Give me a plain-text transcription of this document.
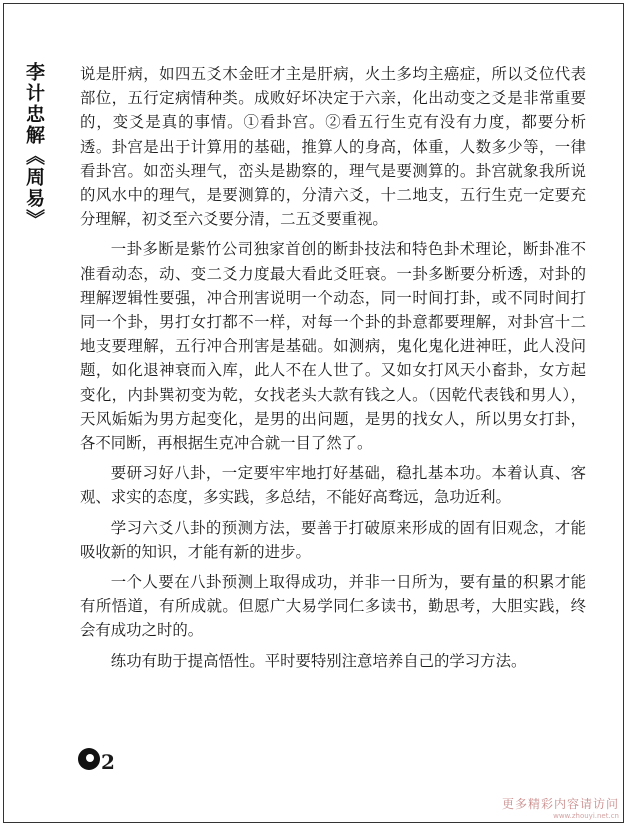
李计忠解《周易》 说是肝病，如四五爻木金旺才主是肝病，火土多均主癌症，所以爻位代表部位，五行定病情种类。成败好坏决定于六亲，化出动变之爻是非常重要的，变爻是真的事情。①看卦宫。②看五行生克有没有力度，都要分析透。卦宫是出于计算用的基础，推算人的身高，体重，人数多少等，一律看卦宫。如峦头理气，峦头是勘察的，理气是要测算的。卦宫就象我所说的风水中的理气，是要测算的，分清六爻，十二地支，五行生克一定要充分理解，初爻至六爻要分清，二五爻要重视。

一卦多断是紫竹公司独家首创的断卦技法和特色卦术理论，断卦准不准看动态，动、变二爻力度最大看此爻旺衰。一卦多断要分析透，对卦的理解逻辑性要强，冲合刑害说明一个动态，同一时间打卦，或不同时间打同一个卦，男打女打都不一样，对每一个卦的卦意都要理解，对卦宫十二地支要理解，五行冲合刑害是基础。如测病，鬼化鬼化进神旺，此人没问题，如化退神衰而入库，此人不在人世了。又如女打风天小畜卦，女方起变化，内卦巽初变为乾，女找老头大款有钱之人。（因乾代表钱和男人），天风姤姤为男方起变化，是男的出问题，是男的找女人，所以男女打卦，各不同断，再根据生克冲合就一目了然了。

要研习好八卦，一定要牢牢地打好基础，稳扎基本功。本着认真、客观、求实的态度，多实践，多总结，不能好高骛远，急功近利。

学习六爻八卦的预测方法，要善于打破原来形成的固有旧观念，才能吸收新的知识，才能有新的进步。

一个人要在八卦预测上取得成功，并非一日所为，要有量的积累才能有所悟道，有所成就。但愿广大易学同仁多读书，勤思考，大胆实践，终会有成功之时的。

练功有助于提高悟性。平时要特别注意培养自己的学习方法。

2
更多精彩内容请访问
www.zhouyi.net.cn
